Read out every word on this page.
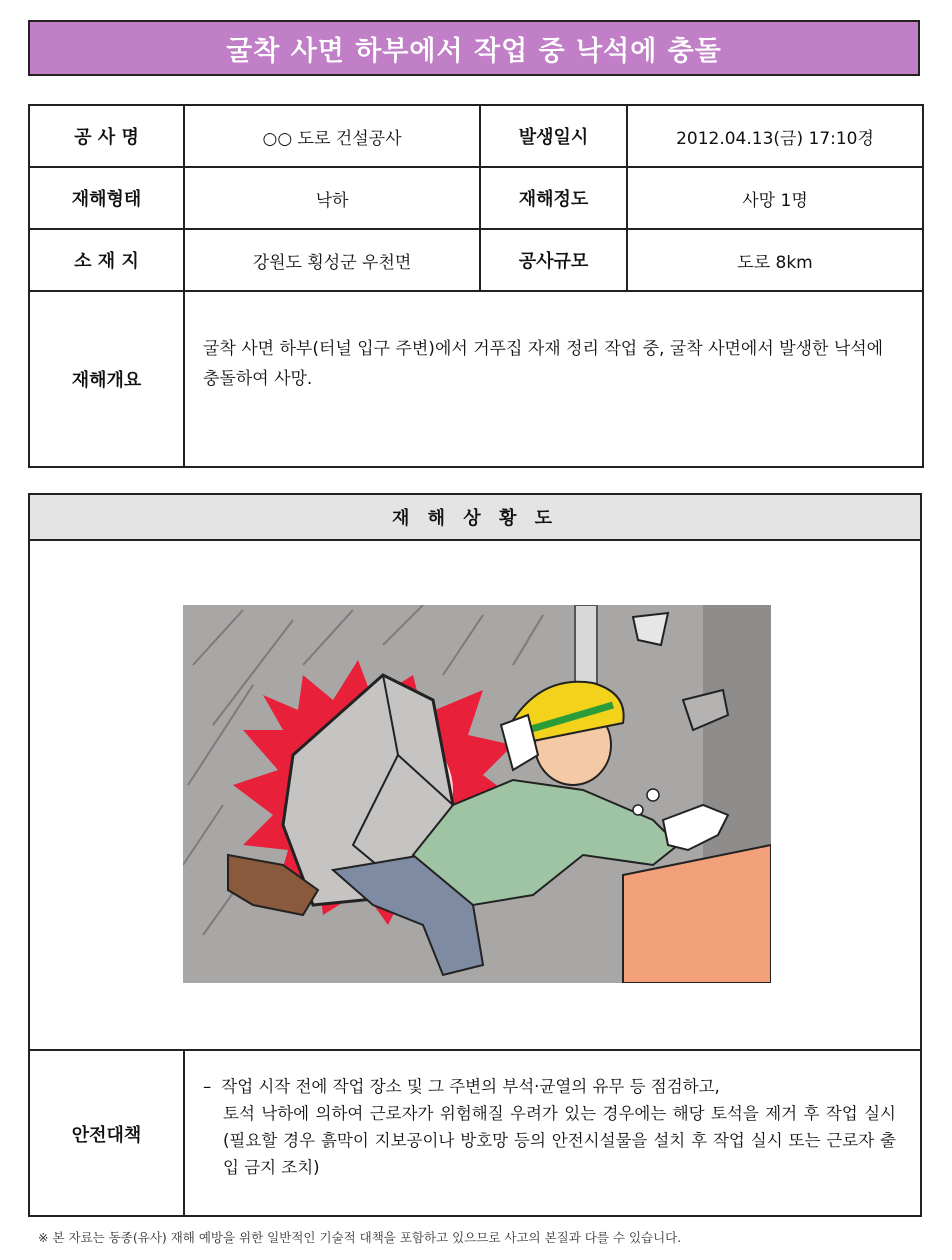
굴착 사면 하부에서 작업 중 낙석에 충돌
공 사 명	○○ 도로 건설공사	발생일시	2012.04.13(금) 17:10경
재해형태	낙하	재해정도	사망 1명
소 재 지	강원도 횡성군 우천면	공사규모	도로 8km
재해개요	굴착 사면 하부(터널 입구 주변)에서 거푸집 자재 정리 작업 중, 굴착 사면에서 발생한 낙석에 충돌하여 사망.		
재 해 상 황 도
안전대책
– 작업 시작 전에 작업 장소 및 그 주변의 부석·균열의 유무 등 점검하고,
토석 낙하에 의하여 근로자가 위험해질 우려가 있는 경우에는 해당 토석을 제거 후 작업 실시(필요할 경우 흙막이 지보공이나 방호망 등의 안전시설물을 설치 후 작업 실시 또는 근로자 출입 금지 조치)
※ 본 자료는 동종(유사) 재해 예방을 위한 일반적인 기술적 대책을 포함하고 있으므로 사고의 본질과 다를 수 있습니다.
